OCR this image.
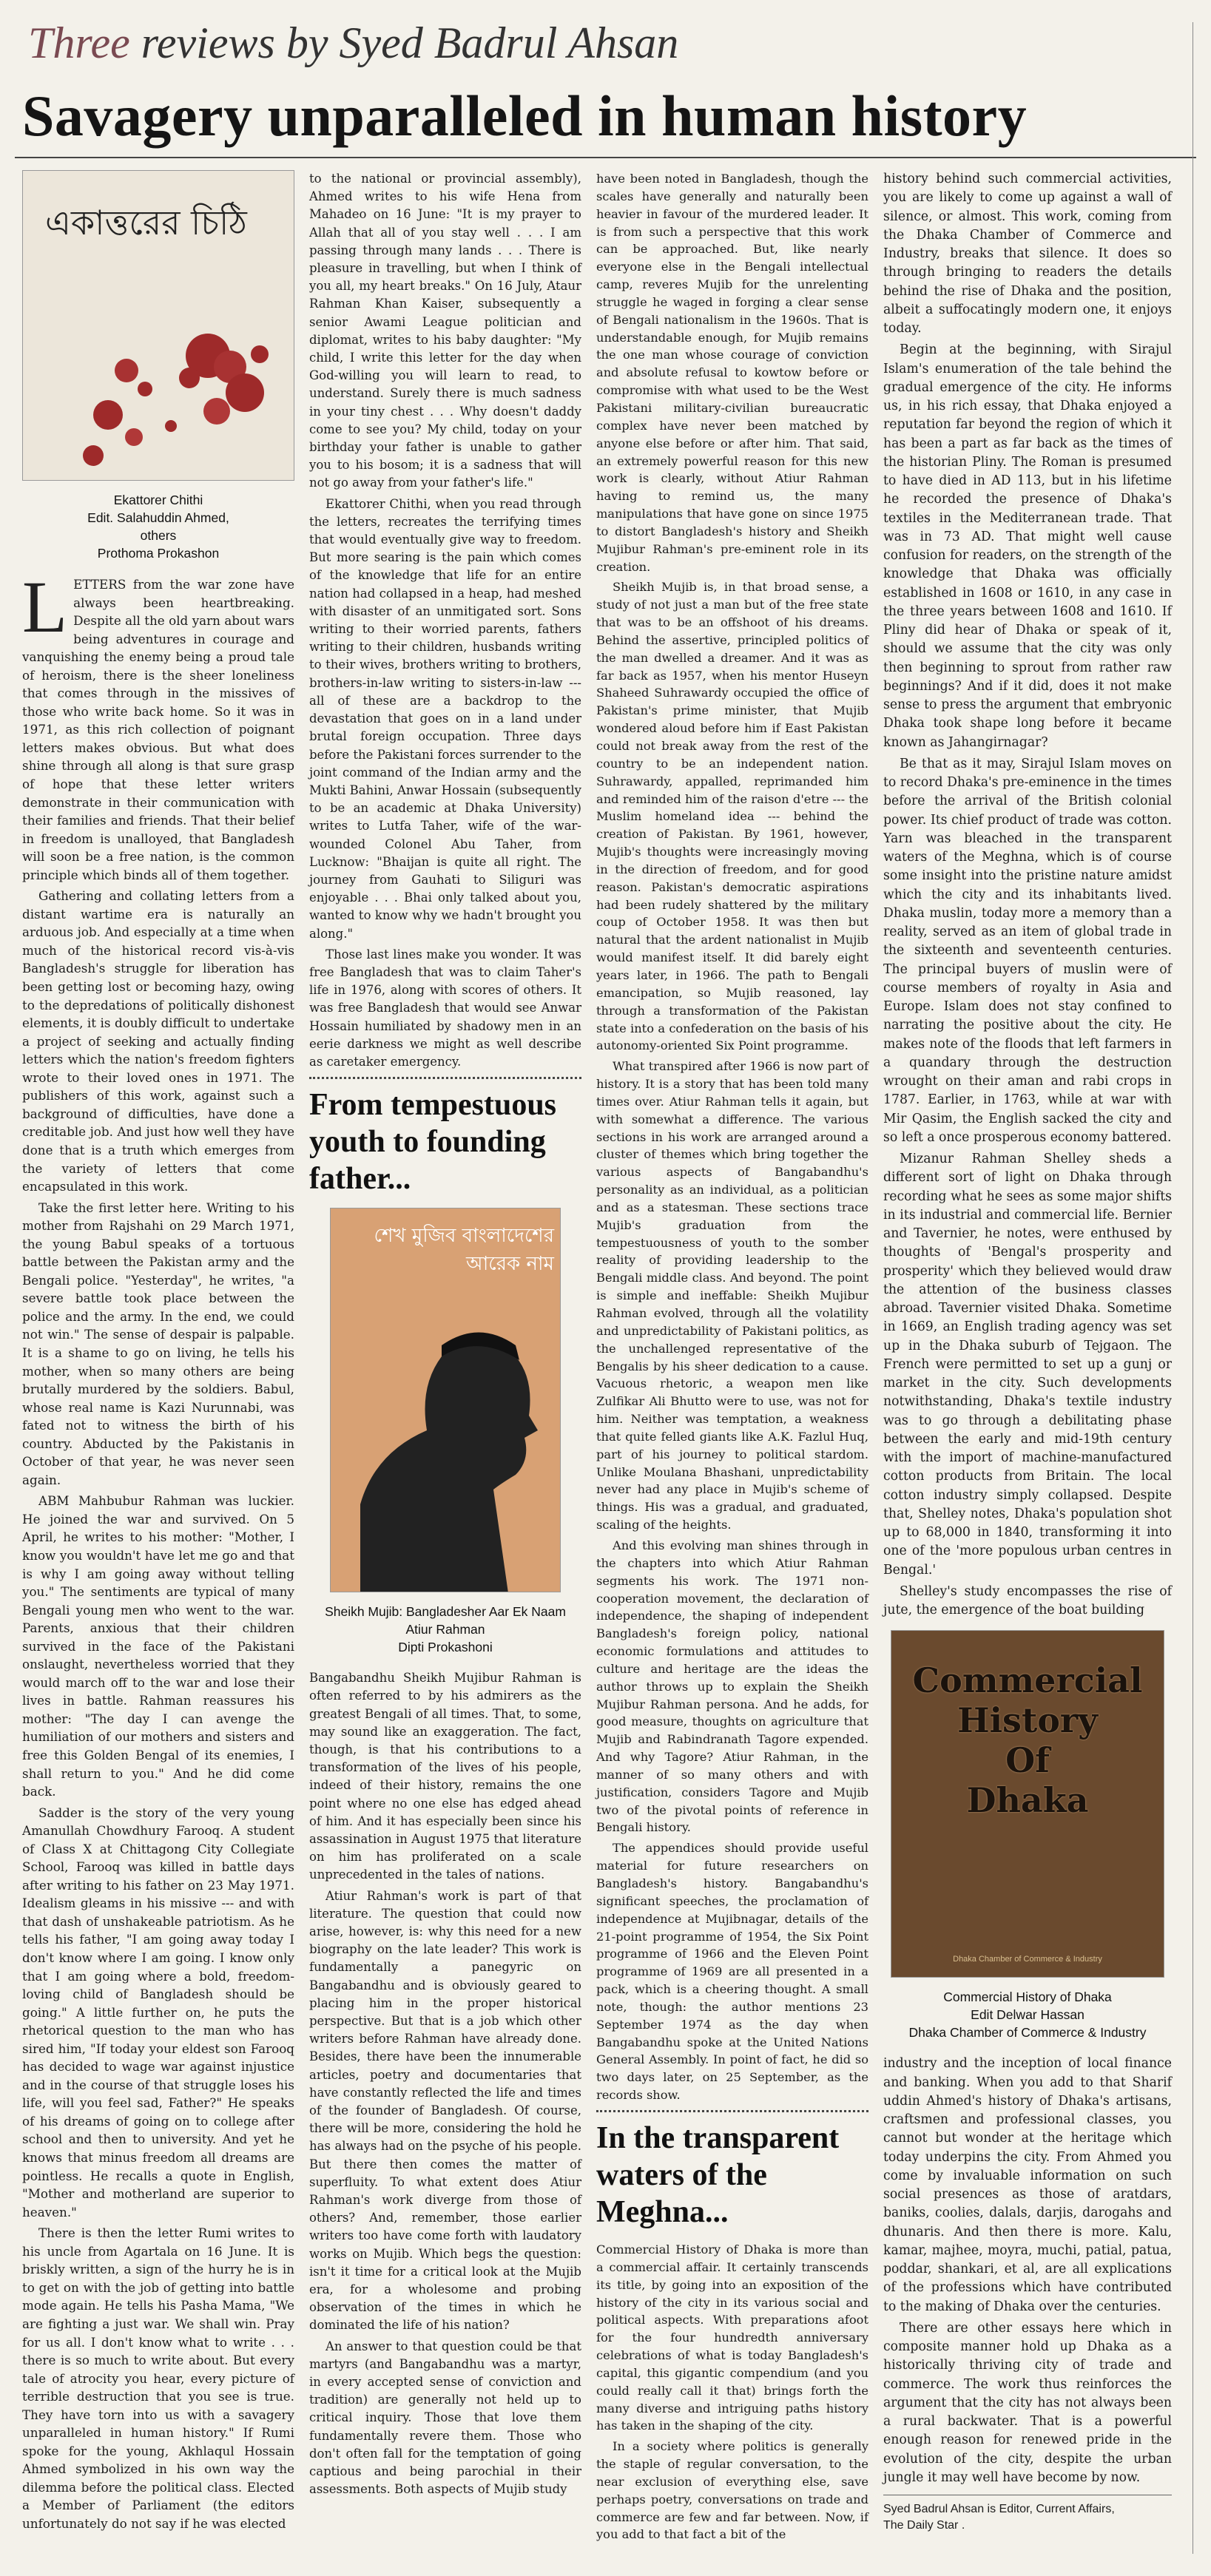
Three reviews by Syed Badrul Ahsan
Savagery unparalleled in human history
একাত্তরের চিঠি
Ekattorer Chithi
Edit. Salahuddin Ahmed,
others
Prothoma Prokashon

LETTERS from the war zone have always been heartbreaking. Despite all the old yarn about wars being adventures in courage and vanquishing the enemy being a proud tale of heroism, there is the sheer loneliness that comes through in the missives of those who write back home. So it was in 1971, as this rich collection of poignant letters makes obvious. But what does shine through all along is that sure grasp of hope that these letter writers demonstrate in their communication with their families and friends. That their belief in freedom is unalloyed, that Bangladesh will soon be a free nation, is the common principle which binds all of them together.

Gathering and collating letters from a distant wartime era is naturally an arduous job. And especially at a time when much of the historical record vis-à-vis Bangladesh's struggle for liberation has been getting lost or becoming hazy, owing to the depredations of politically dishonest elements, it is doubly difficult to undertake a project of seeking and actually finding letters which the nation's freedom fighters wrote to their loved ones in 1971. The publishers of this work, against such a background of difficulties, have done a creditable job. And just how well they have done that is a truth which emerges from the variety of letters that come encapsulated in this work.

Take the first letter here. Writing to his mother from Rajshahi on 29 March 1971, the young Babul speaks of a tortuous battle between the Pakistan army and the Bengali police. "Yesterday", he writes, "a severe battle took place between the police and the army. In the end, we could not win." The sense of despair is palpable. It is a shame to go on living, he tells his mother, when so many others are being brutally murdered by the soldiers. Babul, whose real name is Kazi Nurunnabi, was fated not to witness the birth of his country. Abducted by the Pakistanis in October of that year, he was never seen again.

ABM Mahbubur Rahman was luckier. He joined the war and survived. On 5 April, he writes to his mother: "Mother, I know you wouldn't have let me go and that is why I am going away without telling you." The sentiments are typical of many Bengali young men who went to the war. Parents, anxious that their children survived in the face of the Pakistani onslaught, nevertheless worried that they would march off to the war and lose their lives in battle. Rahman reassures his mother: "The day I can avenge the humiliation of our mothers and sisters and free this Golden Bengal of its enemies, I shall return to you." And he did come back.

Sadder is the story of the very young Amanullah Chowdhury Farooq. A student of Class X at Chittagong City Collegiate School, Farooq was killed in battle days after writing to his father on 23 May 1971. Idealism gleams in his missive --- and with that dash of unshakeable patriotism. As he tells his father, "I am going away today I don't know where I am going. I know only that I am going where a bold, freedom-loving child of Bangladesh should be going." A little further on, he puts the rhetorical question to the man who has sired him, "If today your eldest son Farooq has decided to wage war against injustice and in the course of that struggle loses his life, will you feel sad, Father?" He speaks of his dreams of going on to college after school and then to university. And yet he knows that minus freedom all dreams are pointless. He recalls a quote in English, "Mother and motherland are superior to heaven."

There is then the letter Rumi writes to his uncle from Agartala on 16 June. It is briskly written, a sign of the hurry he is in to get on with the job of getting into battle mode again. He tells his Pasha Mama, "We are fighting a just war. We shall win. Pray for us all. I don't know what to write . . . there is so much to write about. But every tale of atrocity you hear, every picture of terrible destruction that you see is true. They have torn into us with a savagery unparalleled in human history." If Rumi spoke for the young, Akhlaqul Hossain Ahmed symbolized in his own way the dilemma before the political class. Elected a Member of Parliament (the editors unfortunately do not say if he was elected

to the national or provincial assembly), Ahmed writes to his wife Hena from Mahadeo on 16 June: "It is my prayer to Allah that all of you stay well . . . I am passing through many lands . . . There is pleasure in travelling, but when I think of you all, my heart breaks." On 16 July, Ataur Rahman Khan Kaiser, subsequently a senior Awami League politician and diplomat, writes to his baby daughter: "My child, I write this letter for the day when God-willing you will learn to read, to understand. Surely there is much sadness in your tiny chest . . . Why doesn't daddy come to see you? My child, today on your birthday your father is unable to gather you to his bosom; it is a sadness that will not go away from your father's life."

Ekattorer Chithi, when you read through the letters, recreates the terrifying times that would eventually give way to freedom. But more searing is the pain which comes of the knowledge that life for an entire nation had collapsed in a heap, had meshed with disaster of an unmitigated sort. Sons writing to their worried parents, fathers writing to their children, husbands writing to their wives, brothers writing to brothers, brothers-in-law writing to sisters-in-law --- all of these are a backdrop to the devastation that goes on in a land under brutal foreign occupation. Three days before the Pakistani forces surrender to the joint command of the Indian army and the Mukti Bahini, Anwar Hossain (subsequently to be an academic at Dhaka University) writes to Lutfa Taher, wife of the war-wounded Colonel Abu Taher, from Lucknow: "Bhaijan is quite all right. The journey from Gauhati to Siliguri was enjoyable . . . Bhai only talked about you, wanted to know why we hadn't brought you along."

Those last lines make you wonder. It was free Bangladesh that was to claim Taher's life in 1976, along with scores of others. It was free Bangladesh that would see Anwar Hossain humiliated by shadowy men in an eerie darkness we might as well describe as caretaker emergency.

From tempestuous youth to founding father...
শেখ মুজিব বাংলাদেশের আরেক নাম
Sheikh Mujib: Bangladesher Aar Ek Naam
Atiur Rahman
Dipti Prokashoni

Bangabandhu Sheikh Mujibur Rahman is often referred to by his admirers as the greatest Bengali of all times. That, to some, may sound like an exaggeration. The fact, though, is that his contributions to a transformation of the lives of his people, indeed of their history, remains the one point where no one else has edged ahead of him. And it has especially been since his assassination in August 1975 that literature on him has proliferated on a scale unprecedented in the tales of nations.

Atiur Rahman's work is part of that literature. The question that could now arise, however, is: why this need for a new biography on the late leader? This work is fundamentally a panegyric on Bangabandhu and is obviously geared to placing him in the proper historical perspective. But that is a job which other writers before Rahman have already done. Besides, there have been the innumerable articles, poetry and documentaries that have constantly reflected the life and times of the founder of Bangladesh. Of course, there will be more, considering the hold he has always had on the psyche of his people. But there then comes the matter of superfluity. To what extent does Atiur Rahman's work diverge from those of others? And, remember, those earlier writers too have come forth with laudatory works on Mujib. Which begs the question: isn't it time for a critical look at the Mujib era, for a wholesome and probing observation of the times in which he dominated the life of his nation?

An answer to that question could be that martyrs (and Bangabandhu was a martyr, in every accepted sense of conviction and tradition) are generally not held up to critical inquiry. Those that love them fundamentally revere them. Those who don't often fall for the temptation of going captious and being parochial in their assessments. Both aspects of Mujib study

have been noted in Bangladesh, though the scales have generally and naturally been heavier in favour of the murdered leader. It is from such a perspective that this work can be approached. But, like nearly everyone else in the Bengali intellectual camp, reveres Mujib for the unrelenting struggle he waged in forging a clear sense of Bengali nationalism in the 1960s. That is understandable enough, for Mujib remains the one man whose courage of conviction and absolute refusal to kowtow before or compromise with what used to be the West Pakistani military-civilian bureaucratic complex have never been matched by anyone else before or after him. That said, an extremely powerful reason for this new work is clearly, without Atiur Rahman having to remind us, the many manipulations that have gone on since 1975 to distort Bangladesh's history and Sheikh Mujibur Rahman's pre-eminent role in its creation.

Sheikh Mujib is, in that broad sense, a study of not just a man but of the free state that was to be an offshoot of his dreams. Behind the assertive, principled politics of the man dwelled a dreamer. And it was as far back as 1957, when his mentor Huseyn Shaheed Suhrawardy occupied the office of Pakistan's prime minister, that Mujib wondered aloud before him if East Pakistan could not break away from the rest of the country to be an independent nation. Suhrawardy, appalled, reprimanded him and reminded him of the raison d'etre --- the Muslim homeland idea --- behind the creation of Pakistan. By 1961, however, Mujib's thoughts were increasingly moving in the direction of freedom, and for good reason. Pakistan's democratic aspirations had been rudely shattered by the military coup of October 1958. It was then but natural that the ardent nationalist in Mujib would manifest itself. It did barely eight years later, in 1966. The path to Bengali emancipation, so Mujib reasoned, lay through a transformation of the Pakistan state into a confederation on the basis of his autonomy-oriented Six Point programme.

What transpired after 1966 is now part of history. It is a story that has been told many times over. Atiur Rahman tells it again, but with somewhat a difference. The various sections in his work are arranged around a cluster of themes which bring together the various aspects of Bangabandhu's personality as an individual, as a politician and as a statesman. These sections trace Mujib's graduation from the tempestuousness of youth to the somber reality of providing leadership to the Bengali middle class. And beyond. The point is simple and ineffable: Sheikh Mujibur Rahman evolved, through all the volatility and unpredictability of Pakistani politics, as the unchallenged representative of the Bengalis by his sheer dedication to a cause. Vacuous rhetoric, a weapon men like Zulfikar Ali Bhutto were to use, was not for him. Neither was temptation, a weakness that quite felled giants like A.K. Fazlul Huq, part of his journey to political stardom. Unlike Moulana Bhashani, unpredictability never had any place in Mujib's scheme of things. His was a gradual, and graduated, scaling of the heights.

And this evolving man shines through in the chapters into which Atiur Rahman segments his work. The 1971 non-cooperation movement, the declaration of independence, the shaping of independent Bangladesh's foreign policy, national economic formulations and attitudes to culture and heritage are the ideas the author throws up to explain the Sheikh Mujibur Rahman persona. And he adds, for good measure, thoughts on agriculture that Mujib and Rabindranath Tagore expended. And why Tagore? Atiur Rahman, in the manner of so many others and with justification, considers Tagore and Mujib two of the pivotal points of reference in Bengali history.

The appendices should provide useful material for future researchers on Bangladesh's history. Bangabandhu's significant speeches, the proclamation of independence at Mujibnagar, details of the 21-point programme of 1954, the Six Point programme of 1966 and the Eleven Point programme of 1969 are all presented in a pack, which is a cheering thought. A small note, though: the author mentions 23 September 1974 as the day when Bangabandhu spoke at the United Nations General Assembly. In point of fact, he did so two days later, on 25 September, as the records show.

In the transparent waters of the Meghna...

Commercial History of Dhaka is more than a commercial affair. It certainly transcends its title, by going into an exposition of the history of the city in its various social and political aspects. With preparations afoot for the four hundredth anniversary celebrations of what is today Bangladesh's capital, this gigantic compendium (and you could really call it that) brings forth the many diverse and intriguing paths history has taken in the shaping of the city.

In a society where politics is generally the staple of regular conversation, to the near exclusion of everything else, save perhaps poetry, conversations on trade and commerce are few and far between. Now, if you add to that fact a bit of the

history behind such commercial activities, you are likely to come up against a wall of silence, or almost. This work, coming from the Dhaka Chamber of Commerce and Industry, breaks that silence. It does so through bringing to readers the details behind the rise of Dhaka and the position, albeit a suffocatingly modern one, it enjoys today.

Begin at the beginning, with Sirajul Islam's enumeration of the tale behind the gradual emergence of the city. He informs us, in his rich essay, that Dhaka enjoyed a reputation far beyond the region of which it has been a part as far back as the times of the historian Pliny. The Roman is presumed to have died in AD 113, but in his lifetime he recorded the presence of Dhaka's textiles in the Mediterranean trade. That was in 73 AD. That might well cause confusion for readers, on the strength of the knowledge that Dhaka was officially established in 1608 or 1610, in any case in the three years between 1608 and 1610. If Pliny did hear of Dhaka or speak of it, should we assume that the city was only then beginning to sprout from rather raw beginnings? And if it did, does it not make sense to press the argument that embryonic Dhaka took shape long before it became known as Jahangirnagar?

Be that as it may, Sirajul Islam moves on to record Dhaka's pre-eminence in the times before the arrival of the British colonial power. Its chief product of trade was cotton. Yarn was bleached in the transparent waters of the Meghna, which is of course some insight into the pristine nature amidst which the city and its inhabitants lived. Dhaka muslin, today more a memory than a reality, served as an item of global trade in the sixteenth and seventeenth centuries. The principal buyers of muslin were of course members of royalty in Asia and Europe. Islam does not stay confined to narrating the positive about the city. He makes note of the floods that left farmers in a quandary through the destruction wrought on their aman and rabi crops in 1787. Earlier, in 1763, while at war with Mir Qasim, the English sacked the city and so left a once prosperous economy battered.

Mizanur Rahman Shelley sheds a different sort of light on Dhaka through recording what he sees as some major shifts in its industrial and commercial life. Bernier and Tavernier, he notes, were enthused by thoughts of 'Bengal's prosperity and prosperity' which they believed would draw the attention of the business classes abroad. Tavernier visited Dhaka. Sometime in 1669, an English trading agency was set up in the Dhaka suburb of Tejgaon. The French were permitted to set up a gunj or market in the city. Such developments notwithstanding, Dhaka's textile industry was to go through a debilitating phase between the early and mid-19th century with the import of machine-manufactured cotton products from Britain. The local cotton industry simply collapsed. Despite that, Shelley notes, Dhaka's population shot up to 68,000 in 1840, transforming it into one of the 'more populous urban centres in Bengal.'

Shelley's study encompasses the rise of jute, the emergence of the boat building

Commercial
History
Of
Dhaka
Dhaka Chamber of Commerce & Industry
Commercial History of Dhaka
Edit Delwar Hassan
Dhaka Chamber of Commerce & Industry

industry and the inception of local finance and banking. When you add to that Sharif uddin Ahmed's history of Dhaka's artisans, craftsmen and professional classes, you cannot but wonder at the heritage which today underpins the city. From Ahmed you come by invaluable information on such social presences as those of aratdars, baniks, coolies, dalals, darjis, darogahs and dhunaris. And then there is more. Kalu, kamar, majhee, moyra, muchi, patial, patua, poddar, shankari, et al, are all explications of the professions which have contributed to the making of Dhaka over the centuries.

There are other essays here which in composite manner hold up Dhaka as a historically thriving city of trade and commerce. The work thus reinforces the argument that the city has not always been a rural backwater. That is a powerful enough reason for renewed pride in the evolution of the city, despite the urban jungle it may well have become by now.

Syed Badrul Ahsan is Editor, Current Affairs,
The Daily Star .
